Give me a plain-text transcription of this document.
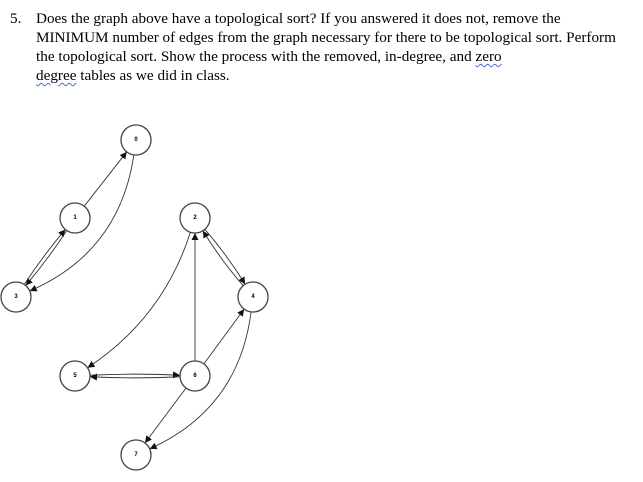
5. Does the graph above have a topological sort? If you answered it does not, remove the MINIMUM number of edges from the graph necessary for there to be topological sort. Perform the topological sort. Show the process with the removed, in-degree, and zero
degree tables as we did in class.
0
1	2
3	4
5	6
7
